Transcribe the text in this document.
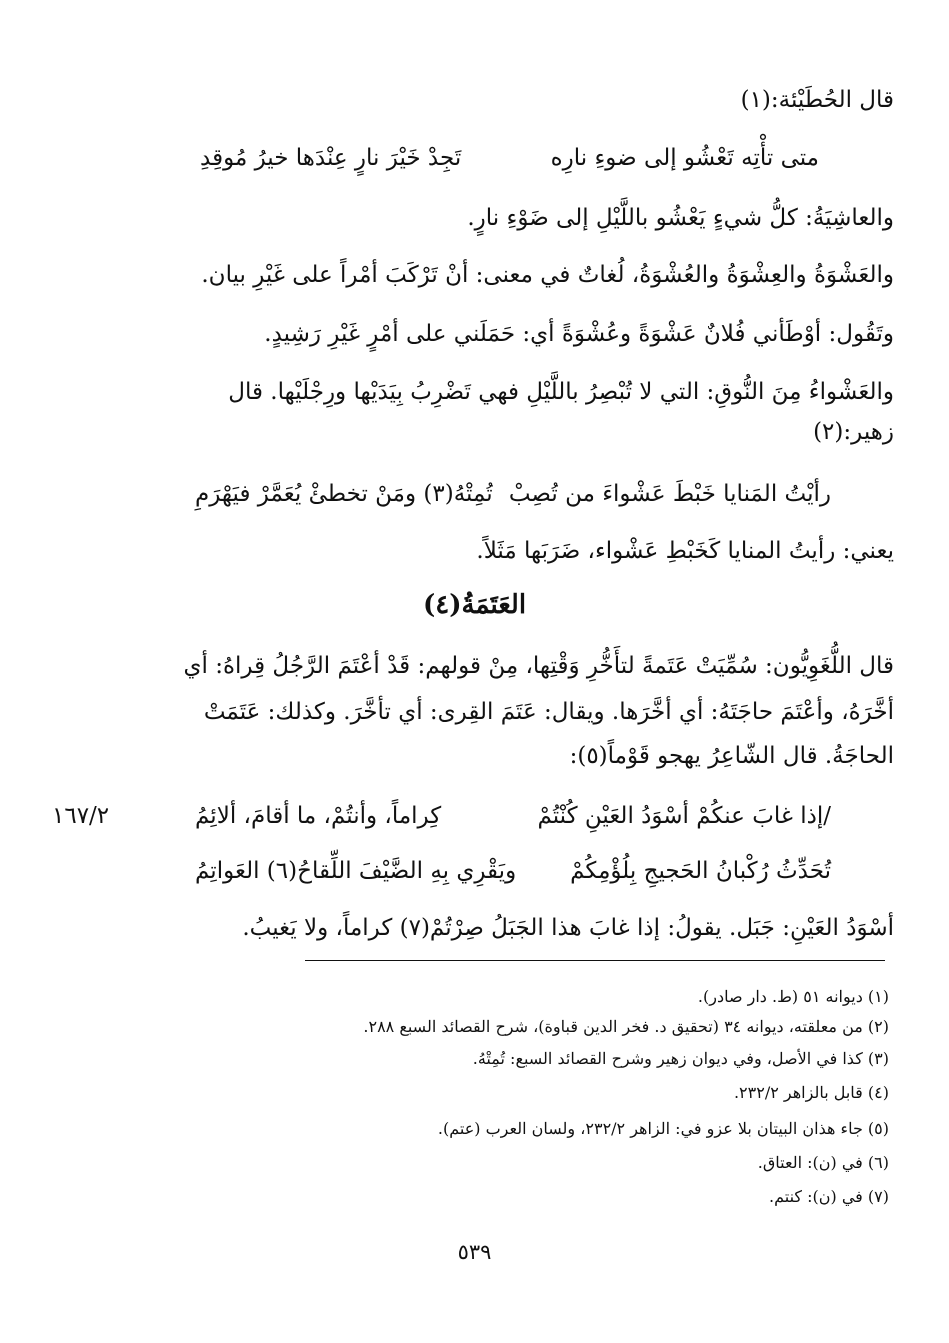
قال الحُطَيْئة:(١)
متى تأْتِه تَعْشُو إلى ضوءِ نارِه
تَجِدْ خَيْرَ نارٍ عِنْدَها خيرُ مُوقِدِ
والعاشِيَةُ: كلُّ شيءٍ يَعْشُو باللَّيْلِ إلى ضَوْءِ نارٍ.
والعَشْوَةُ والعِشْوَةُ والعُشْوَةُ، لُغاتٌ في معنى: أنْ تَرْكَبَ أمْراً على غَيْرِ بيان.
وتَقُول: أوْطَأني فُلانٌ عَشْوَةً وعُشْوَةً أي: حَمَلَني على أمْرٍ غَيْرِ رَشِيدٍ.
والعَشْواءُ مِنَ النُّوقِ: التي لا تُبْصِرُ باللَّيْلِ فهي تَضْرِبُ بِيَدَيْها ورِجْلَيْها. قال
زهير:(٢)
رأيْتُ المَنايا خَبْطَ عَشْواءَ من تُصِبْ
تُمِتْهُ(٣) ومَنْ تخطئْ يُعَمَّرْ فيَهْرَمِ
يعني: رأيتُ المنايا كَخَبْطِ عَشْواء، ضَرَبَها مَثَلاً.
العَتَمَةُ(٤)
قال اللُّغَوِيُّون: سُمِّيَتْ عَتَمةً لتأَخُّرِ وَقْتِها، مِنْ قولهم: قَدْ أعْتَمَ الرَّجُلُ قِراهُ: أي
أخَّرَهُ، وأعْتَمَ حاجَتَهُ: أي أخَّرَها. ويقال: عَتَمَ القِرى: أي تأخَّرَ. وكذلك: عَتَمَتْ
الحاجَةُ. قال الشّاعِرُ يهجو قَوْماً(٥):
/إذا غابَ عنكُمْ أسْوَدُ العَيْنِ كُنْتُمْ
كِراماً، وأنتُمْ، ما أقامَ، ألائِمُ
١٦٧/٢
تُحَدِّثُ رُكْبانُ الحَجيجِ بِلُؤْمِكُمْ
ويَقْرِي بِهِ الضَّيْفَ اللِّقاحُ(٦) العَواتِمُ
أسْوَدُ العَيْنِ: جَبَل. يقولُ: إذا غابَ هذا الجَبَلُ صِرْتُمْ(٧) كراماً، ولا يَغيبُ.
(١) ديوانه ٥١ (ط. دار صادر).
(٢) من معلقته، ديوانه ٣٤ (تحقيق د. فخر الدين قباوة)، شرح القصائد السبع ٢٨٨.
(٣) كذا في الأصل، وفي ديوان زهير وشرح القصائد السبع: تُمِتْهُ.
(٤) قابل بالزاهر ٢٣٢/٢.
(٥) جاء هذان البيتان بلا عزو في: الزاهر ٢٣٢/٢، ولسان العرب (عتم).
(٦) في (ن): العتاق.
(٧) في (ن): كنتم.
٥٣٩
